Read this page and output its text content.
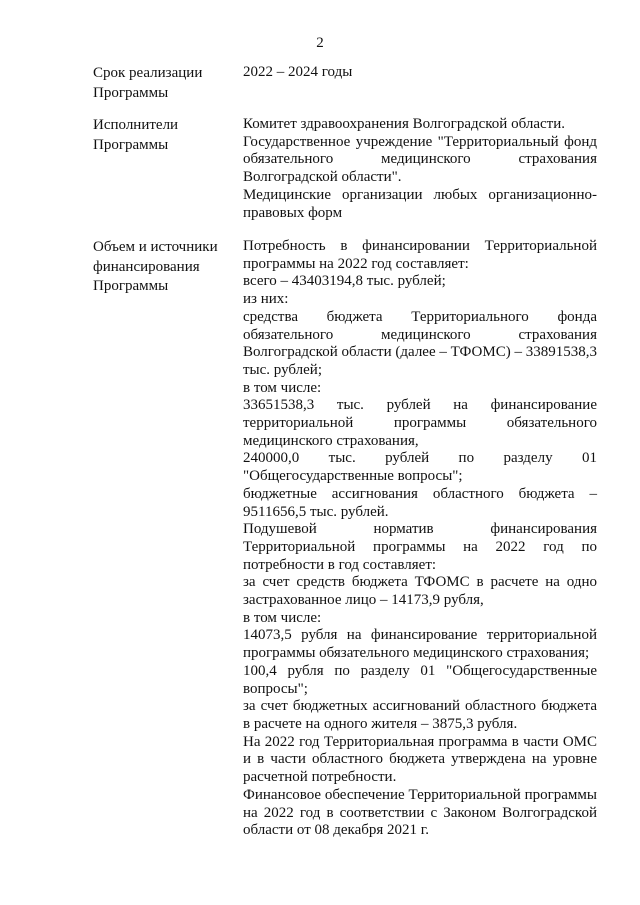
2
Срок реализации
Программы

2022 – 2024 годы

Исполнители
Программы

Комитет здравоохранения Волгоградской области.

Государственное учреждение "Территориальный фонд обязательного медицинского страхования Волгоградской области".

Медицинские организации любых организационно-правовых форм

Объем и источники
финансирования
Программы

Потребность в финансировании Территориальной программы на 2022 год составляет:

всего – 43403194,8 тыс. рублей;

из них:

средства бюджета Территориального фонда обязательного медицинского страхования Волгоградской области (далее – ТФОМС) – 33891538,3 тыс. рублей;

в том числе:

33651538,3 тыс. рублей на финансирование территориальной программы обязательного медицинского страхования,

240000,0 тыс. рублей по разделу 01 "Общегосударственные вопросы";

бюджетные ассигнования областного бюджета – 9511656,5 тыс. рублей.

Подушевой норматив финансирования Территориальной программы на 2022 год по потребности в год составляет:

за счет средств бюджета ТФОМС в расчете на одно застрахованное лицо – 14173,9 рубля,

в том числе:

14073,5 рубля на финансирование территориальной программы обязательного медицинского страхования;

100,4 рубля по разделу 01 "Общегосударственные вопросы";

за счет бюджетных ассигнований областного бюджета в расчете на одного жителя – 3875,3 рубля.

На 2022 год Территориальная программа в части ОМС и в части областного бюджета утверждена на уровне расчетной потребности.

Финансовое обеспечение Территориальной программы на 2022 год в соответствии с Законом Волгоградской области от 08 декабря 2021 г.
